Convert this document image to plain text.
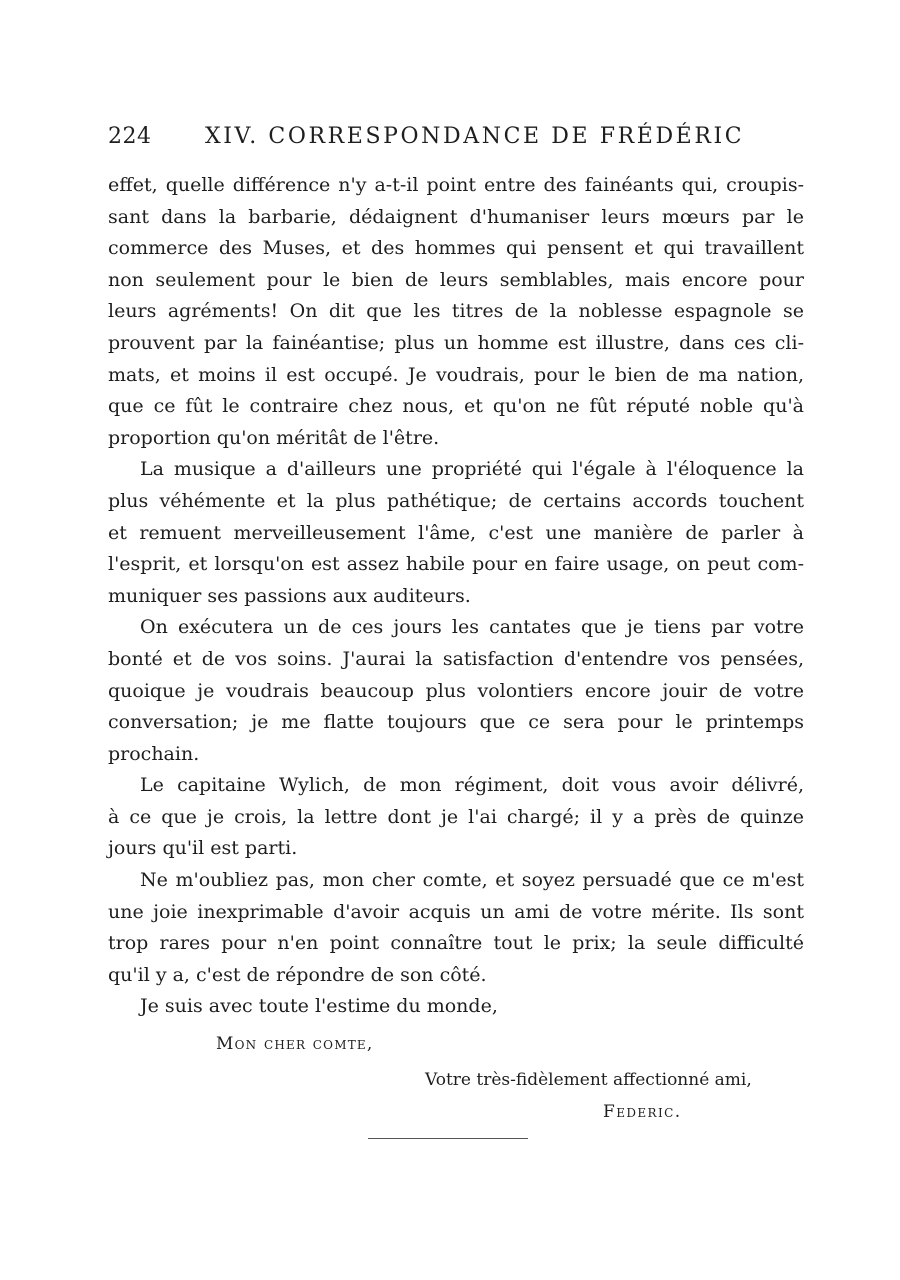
224 XIV. CORRESPONDANCE DE FRÉDÉRIC
effet, quelle différence n'y a-t-il point entre des fainéants qui, croupis-
sant dans la barbarie, dédaignent d'humaniser leurs mœurs par le
commerce des Muses, et des hommes qui pensent et qui travaillent
non seulement pour le bien de leurs semblables, mais encore pour
leurs agréments! On dit que les titres de la noblesse espagnole se
prouvent par la fainéantise; plus un homme est illustre, dans ces cli-
mats, et moins il est occupé. Je voudrais, pour le bien de ma nation,
que ce fût le contraire chez nous, et qu'on ne fût réputé noble qu'à
proportion qu'on méritât de l'être.
La musique a d'ailleurs une propriété qui l'égale à l'éloquence la
plus véhémente et la plus pathétique; de certains accords touchent
et remuent merveilleusement l'âme, c'est une manière de parler à
l'esprit, et lorsqu'on est assez habile pour en faire usage, on peut com-
muniquer ses passions aux auditeurs.
On exécutera un de ces jours les cantates que je tiens par votre
bonté et de vos soins. J'aurai la satisfaction d'entendre vos pensées,
quoique je voudrais beaucoup plus volontiers encore jouir de votre
conversation; je me flatte toujours que ce sera pour le printemps
prochain.
Le capitaine Wylich, de mon régiment, doit vous avoir délivré,
à ce que je crois, la lettre dont je l'ai chargé; il y a près de quinze
jours qu'il est parti.
Ne m'oubliez pas, mon cher comte, et soyez persuadé que ce m'est
une joie inexprimable d'avoir acquis un ami de votre mérite. Ils sont
trop rares pour n'en point connaître tout le prix; la seule difficulté
qu'il y a, c'est de répondre de son côté.
Je suis avec toute l'estime du monde,
Mon cher comte,
Votre très-fidèlement affectionné ami,
Federic.
